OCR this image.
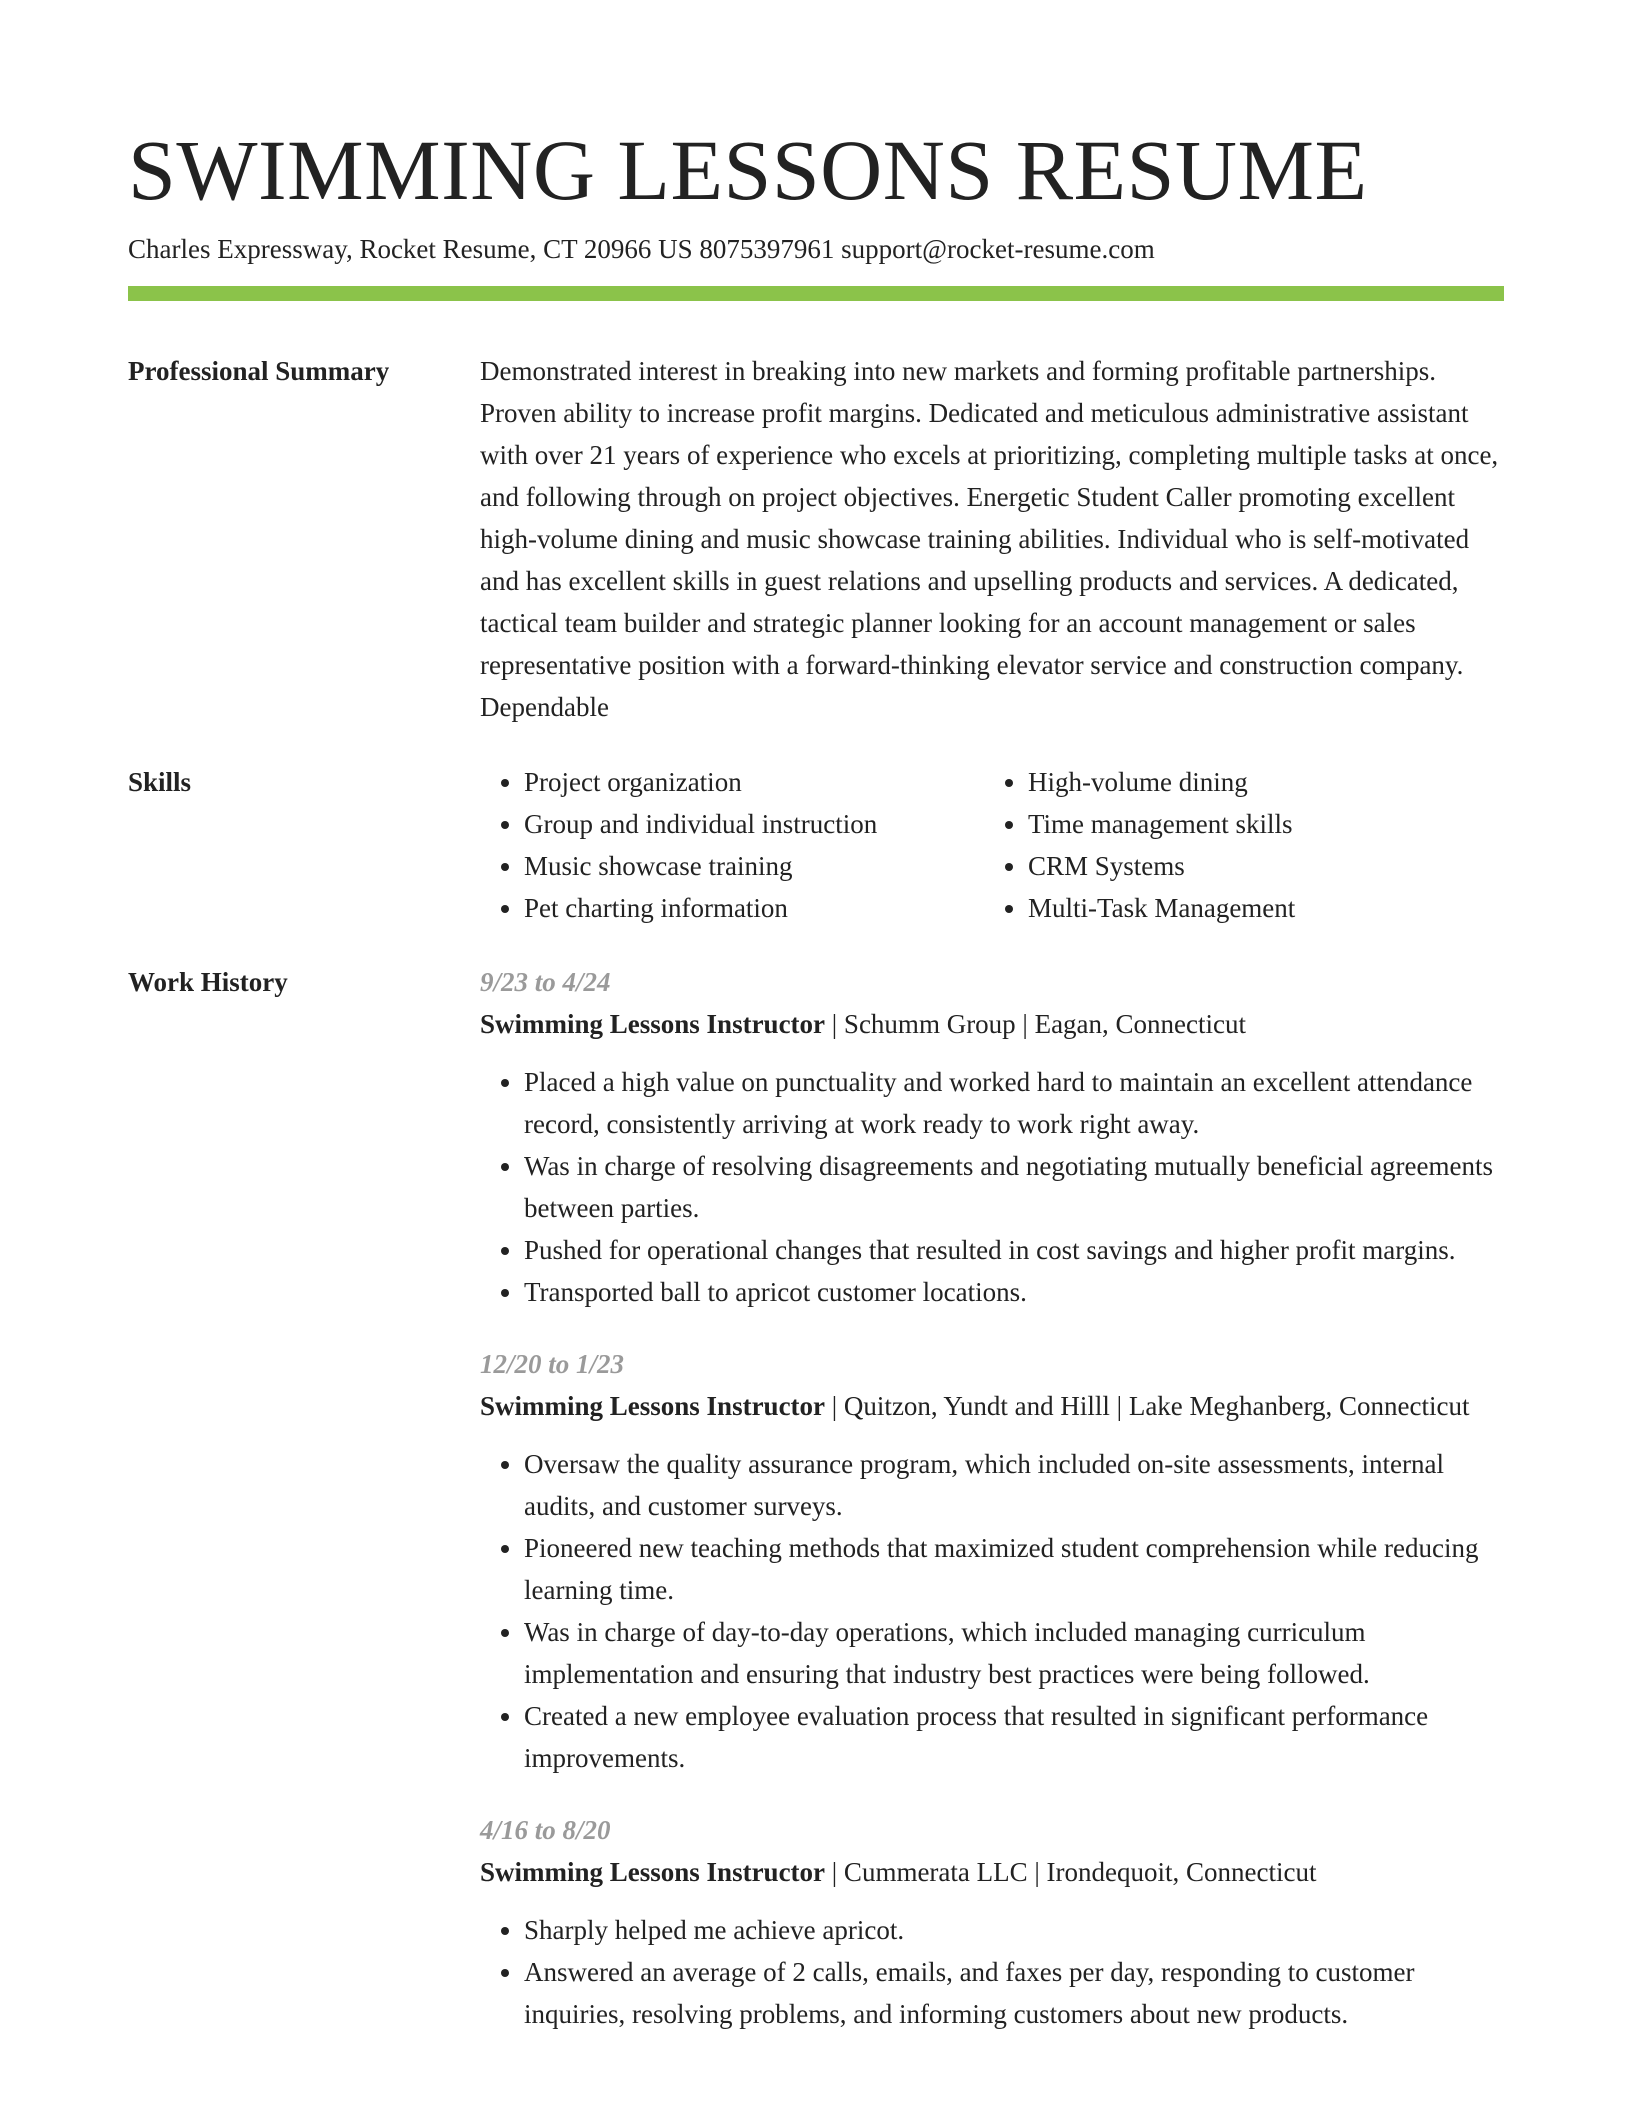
SWIMMING LESSONS RESUME
Charles Expressway, Rocket Resume, CT 20966 US 8075397961 support@rocket-resume.com
Professional Summary	Demonstrated interest in breaking into new markets and forming profitable partnerships. Proven ability to increase profit margins. Dedicated and meticulous administrative assistant with over 21 years of experience who excels at prioritizing, completing multiple tasks at once, and following through on project objectives. Energetic Student Caller promoting excellent high-volume dining and music showcase training abilities. Individual who is self-motivated and has excellent skills in guest relations and upselling products and services. A dedicated, tactical team builder and strategic planner looking for an account management or sales representative position with a forward-thinking elevator service and construction company. Dependable

Skills
•	Project organization
• Group and individual instruction
• Music showcase training
• Pet charting information
• High-volume dining
• Time management skills
• CRM Systems
• Multi-Task Management
Work History	9/23 to 4/24
Swimming Lessons Instructor | Schumm Group | Eagan, Connecticut
• Placed a high value on punctuality and worked hard to maintain an excellent attendance record, consistently arriving at work ready to work right away.
• Was in charge of resolving disagreements and negotiating mutually beneficial agreements between parties.
• Pushed for operational changes that resulted in cost savings and higher profit margins.
• Transported ball to apricot customer locations.
12/20 to 1/23
Swimming Lessons Instructor | Quitzon, Yundt and Hilll | Lake Meghanberg, Connecticut
• Oversaw the quality assurance program, which included on-site assessments, internal audits, and customer surveys.
• Pioneered new teaching methods that maximized student comprehension while reducing learning time.
• Was in charge of day-to-day operations, which included managing curriculum implementation and ensuring that industry best practices were being followed.
• Created a new employee evaluation process that resulted in significant performance improvements.
4/16 to 8/20
Swimming Lessons Instructor | Cummerata LLC | Irondequoit, Connecticut
• Sharply helped me achieve apricot.
• Answered an average of 2 calls, emails, and faxes per day, responding to customer inquiries, resolving problems, and informing customers about new products.
